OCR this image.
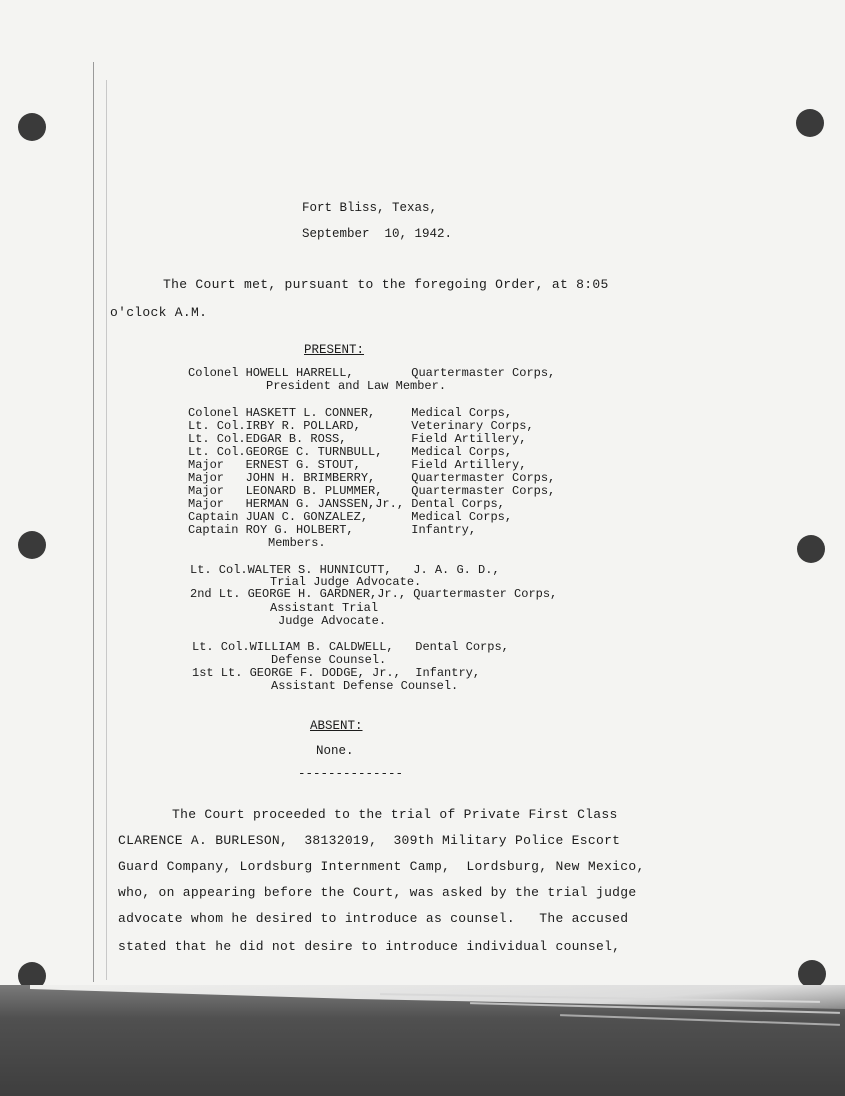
Fort Bliss, Texas,
September  10, 1942.
The Court met, pursuant to the foregoing Order, at 8:05
o'clock A.M.
PRESENT:
Colonel HOWELL HARRELL,        Quartermaster Corps,
President and Law Member.
Colonel HASKETT L. CONNER,     Medical Corps,
Lt. Col.IRBY R. POLLARD,       Veterinary Corps,
Lt. Col.EDGAR B. ROSS,         Field Artillery,
Lt. Col.GEORGE C. TURNBULL,    Medical Corps,
Major   ERNEST G. STOUT,       Field Artillery,
Major   JOHN H. BRIMBERRY,     Quartermaster Corps,
Major   LEONARD B. PLUMMER,    Quartermaster Corps,
Major   HERMAN G. JANSSEN,Jr., Dental Corps,
Captain JUAN C. GONZALEZ,      Medical Corps,
Captain ROY G. HOLBERT,        Infantry,
Members.
Lt. Col.WALTER S. HUNNICUTT,   J. A. G. D.,
Trial Judge Advocate.
2nd Lt. GEORGE H. GARDNER,Jr., Quartermaster Corps,
Assistant Trial
Judge Advocate.
Lt. Col.WILLIAM B. CALDWELL,   Dental Corps,
Defense Counsel.
1st Lt. GEORGE F. DODGE, Jr.,  Infantry,
Assistant Defense Counsel.
ABSENT:
None.
--------------
The Court proceeded to the trial of Private First Class
CLARENCE A. BURLESON,  38132019,  309th Military Police Escort
Guard Company, Lordsburg Internment Camp,  Lordsburg, New Mexico,
who, on appearing before the Court, was asked by the trial judge
advocate whom he desired to introduce as counsel.   The accused
stated that he did not desire to introduce individual counsel,
